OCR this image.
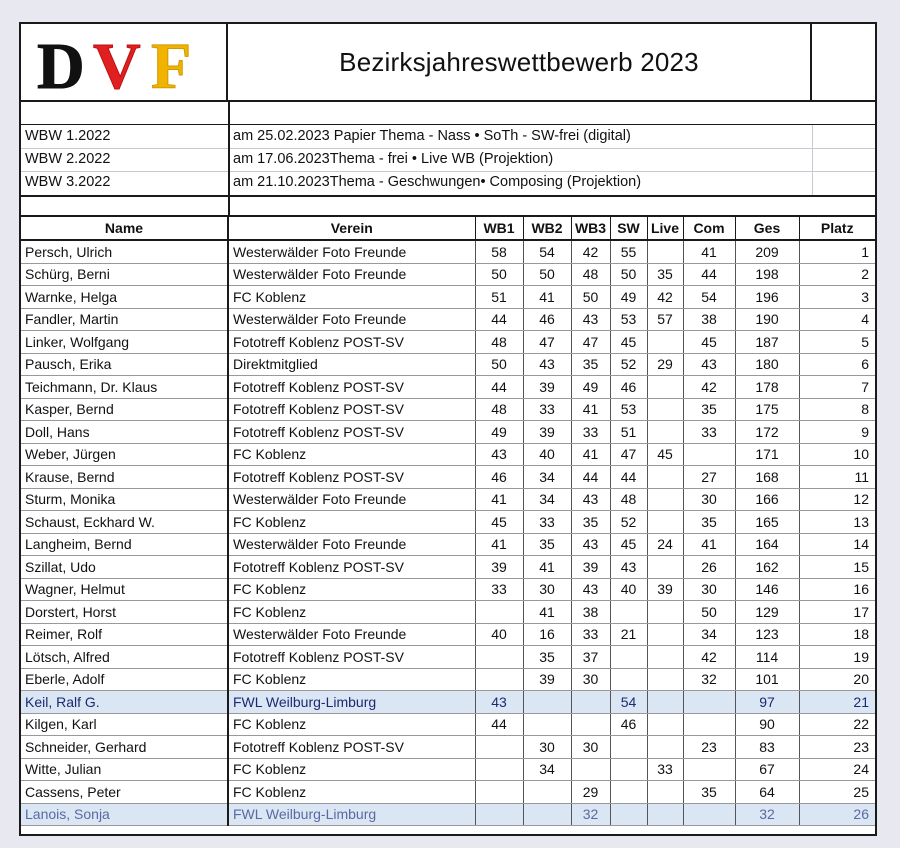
D V F	Bezirksjahreswettbewerb 2023
WBW 1.2022	am 25.02.2023 Papier Thema - Nass • SoTh - SW-frei (digital)
WBW 2.2022	am 17.06.2023Thema - frei • Live WB (Projektion)
WBW 3.2022	am 21.10.2023Thema - Geschwungen• Composing (Projektion)
Name	Verein	WB1	WB2	WB3	SW	Live	Com	Ges	Platz
Persch, Ulrich	Westerwälder Foto Freunde	58	54	42	55		41	209	1
Schürg, Berni	Westerwälder Foto Freunde	50	50	48	50	35	44	198	2
Warnke, Helga	FC Koblenz	51	41	50	49	42	54	196	3
Fandler, Martin	Westerwälder Foto Freunde	44	46	43	53	57	38	190	4
Linker, Wolfgang	Fototreff Koblenz POST-SV	48	47	47	45		45	187	5
Pausch, Erika	Direktmitglied	50	43	35	52	29	43	180	6
Teichmann, Dr. Klaus	Fototreff Koblenz POST-SV	44	39	49	46		42	178	7
Kasper, Bernd	Fototreff Koblenz POST-SV	48	33	41	53		35	175	8
Doll, Hans	Fototreff Koblenz POST-SV	49	39	33	51		33	172	9
Weber, Jürgen	FC Koblenz	43	40	41	47	45		171	10
Krause, Bernd	Fototreff Koblenz POST-SV	46	34	44	44		27	168	11
Sturm, Monika	Westerwälder Foto Freunde	41	34	43	48		30	166	12
Schaust, Eckhard W.	FC Koblenz	45	33	35	52		35	165	13
Langheim, Bernd	Westerwälder Foto Freunde	41	35	43	45	24	41	164	14
Szillat, Udo	Fototreff Koblenz POST-SV	39	41	39	43		26	162	15
Wagner, Helmut	FC Koblenz	33	30	43	40	39	30	146	16
Dorstert, Horst	FC Koblenz		41	38			50	129	17
Reimer, Rolf	Westerwälder Foto Freunde	40	16	33	21		34	123	18
Lötsch, Alfred	Fototreff Koblenz POST-SV		35	37			42	114	19
Eberle, Adolf	FC Koblenz		39	30			32	101	20
Keil, Ralf G.	FWL Weilburg-Limburg	43			54			97	21
Kilgen, Karl	FC Koblenz	44			46			90	22
Schneider, Gerhard	Fototreff Koblenz POST-SV		30	30			23	83	23
Witte, Julian	FC Koblenz		34			33		67	24
Cassens, Peter	FC Koblenz			29			35	64	25
Lanois, Sonja	FWL Weilburg-Limburg			32				32	26
